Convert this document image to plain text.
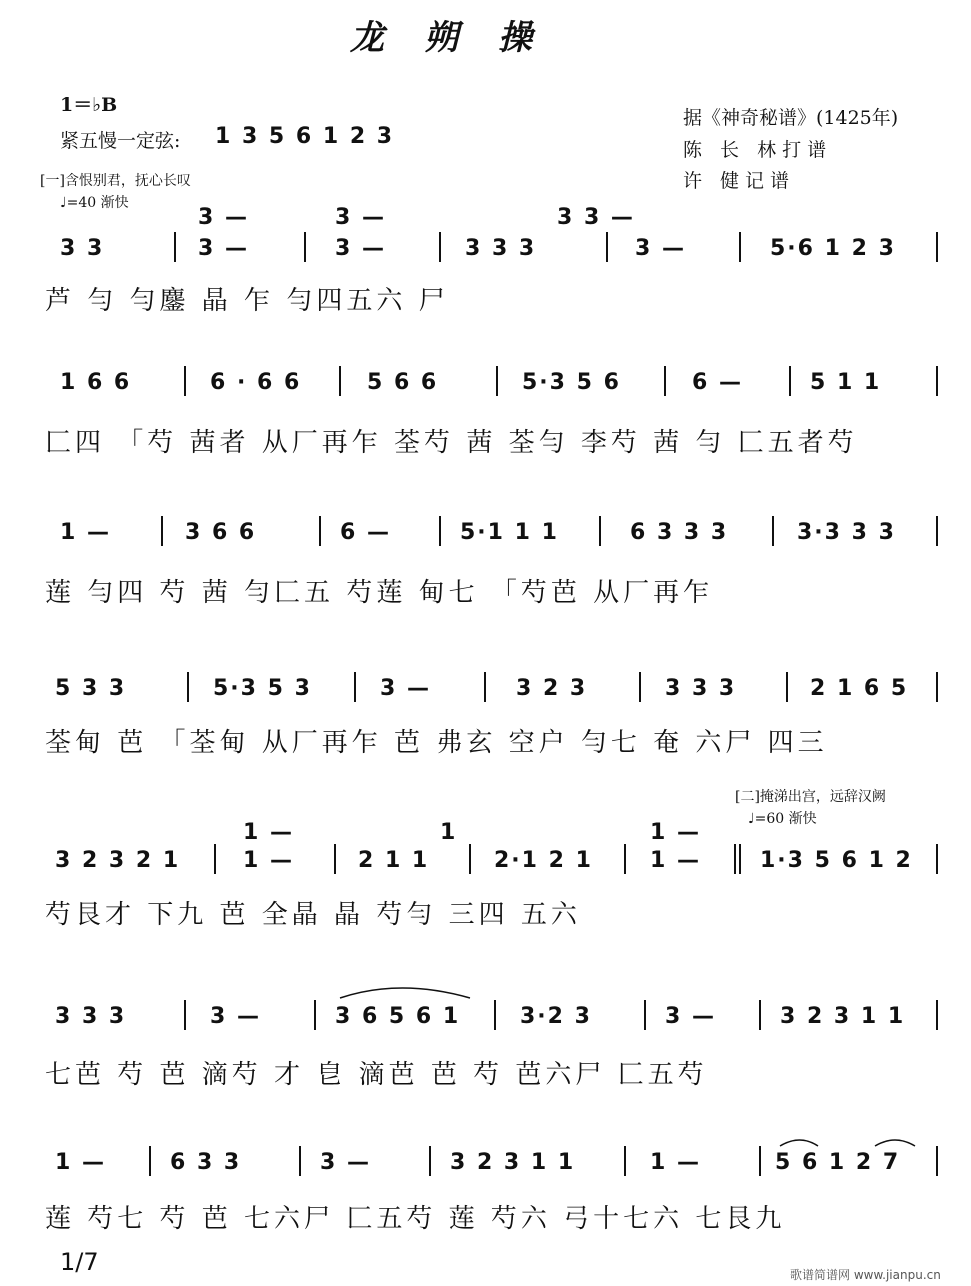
龙朔操
1＝♭B
紧五慢一定弦: 1 3 5 6 1 2 3
据《神奇秘谱》(1425年)
陈 长 林打谱
许 健记谱
[一]含恨别君，抚心长叹
♩=40 渐快
[二]掩涕出宫，远辞汉阙
♩=60 渐快
3 —	3 —	3 3 —
3 3	3 —	3 —	3 3 3	3 —	5·6 1 2 3
芦 勻 勻鏖 晶 乍 勻四五六 尸
1 6 6	6 · 6 6	5 6 6	5·3 5 6	6 —	5 1 1
匚四 「芍 茜者 从厂再乍 荃芍 茜 荃勻 李芍 茜 勻 匚五者芍
1 —	3 6 6	6 —	5·1 1 1	6 3 3 3	3·3 3 3
莲 勻四 芍 茜 勻匚五 芍莲 甸七 「芍芭 从厂再乍
5 3 3	5·3 5 3	3 —	3 2 3	3 3 3	2 1 6 5
荃甸 芭 「荃甸 从厂再乍 芭 弗玄 空户 勻七 奄 六尸 四三
1 —	1	1 —
3 2 3 2 1	1 —	2 1 1	2·1 2 1	1 —	1·3 5 6 1 2
芍艮才 下九 芭 全晶 晶 芍勻 三四 五六
3 3 3	3 —	3 6 5 6 1	3·2 3	3 —	3 2 3 1 1
七芭 芍 芭 滴芍 才 皀 滴芭 芭 芍 芭六尸 匚五芍
1 —	6 3 3	3 —	3 2 3 1 1	1 —	5 6 1 2 7
莲 芍七 芍 芭 七六尸 匚五芍 莲 芍六 弓十七六 七艮九
1/7	歌谱简谱网 www.jianpu.cn
